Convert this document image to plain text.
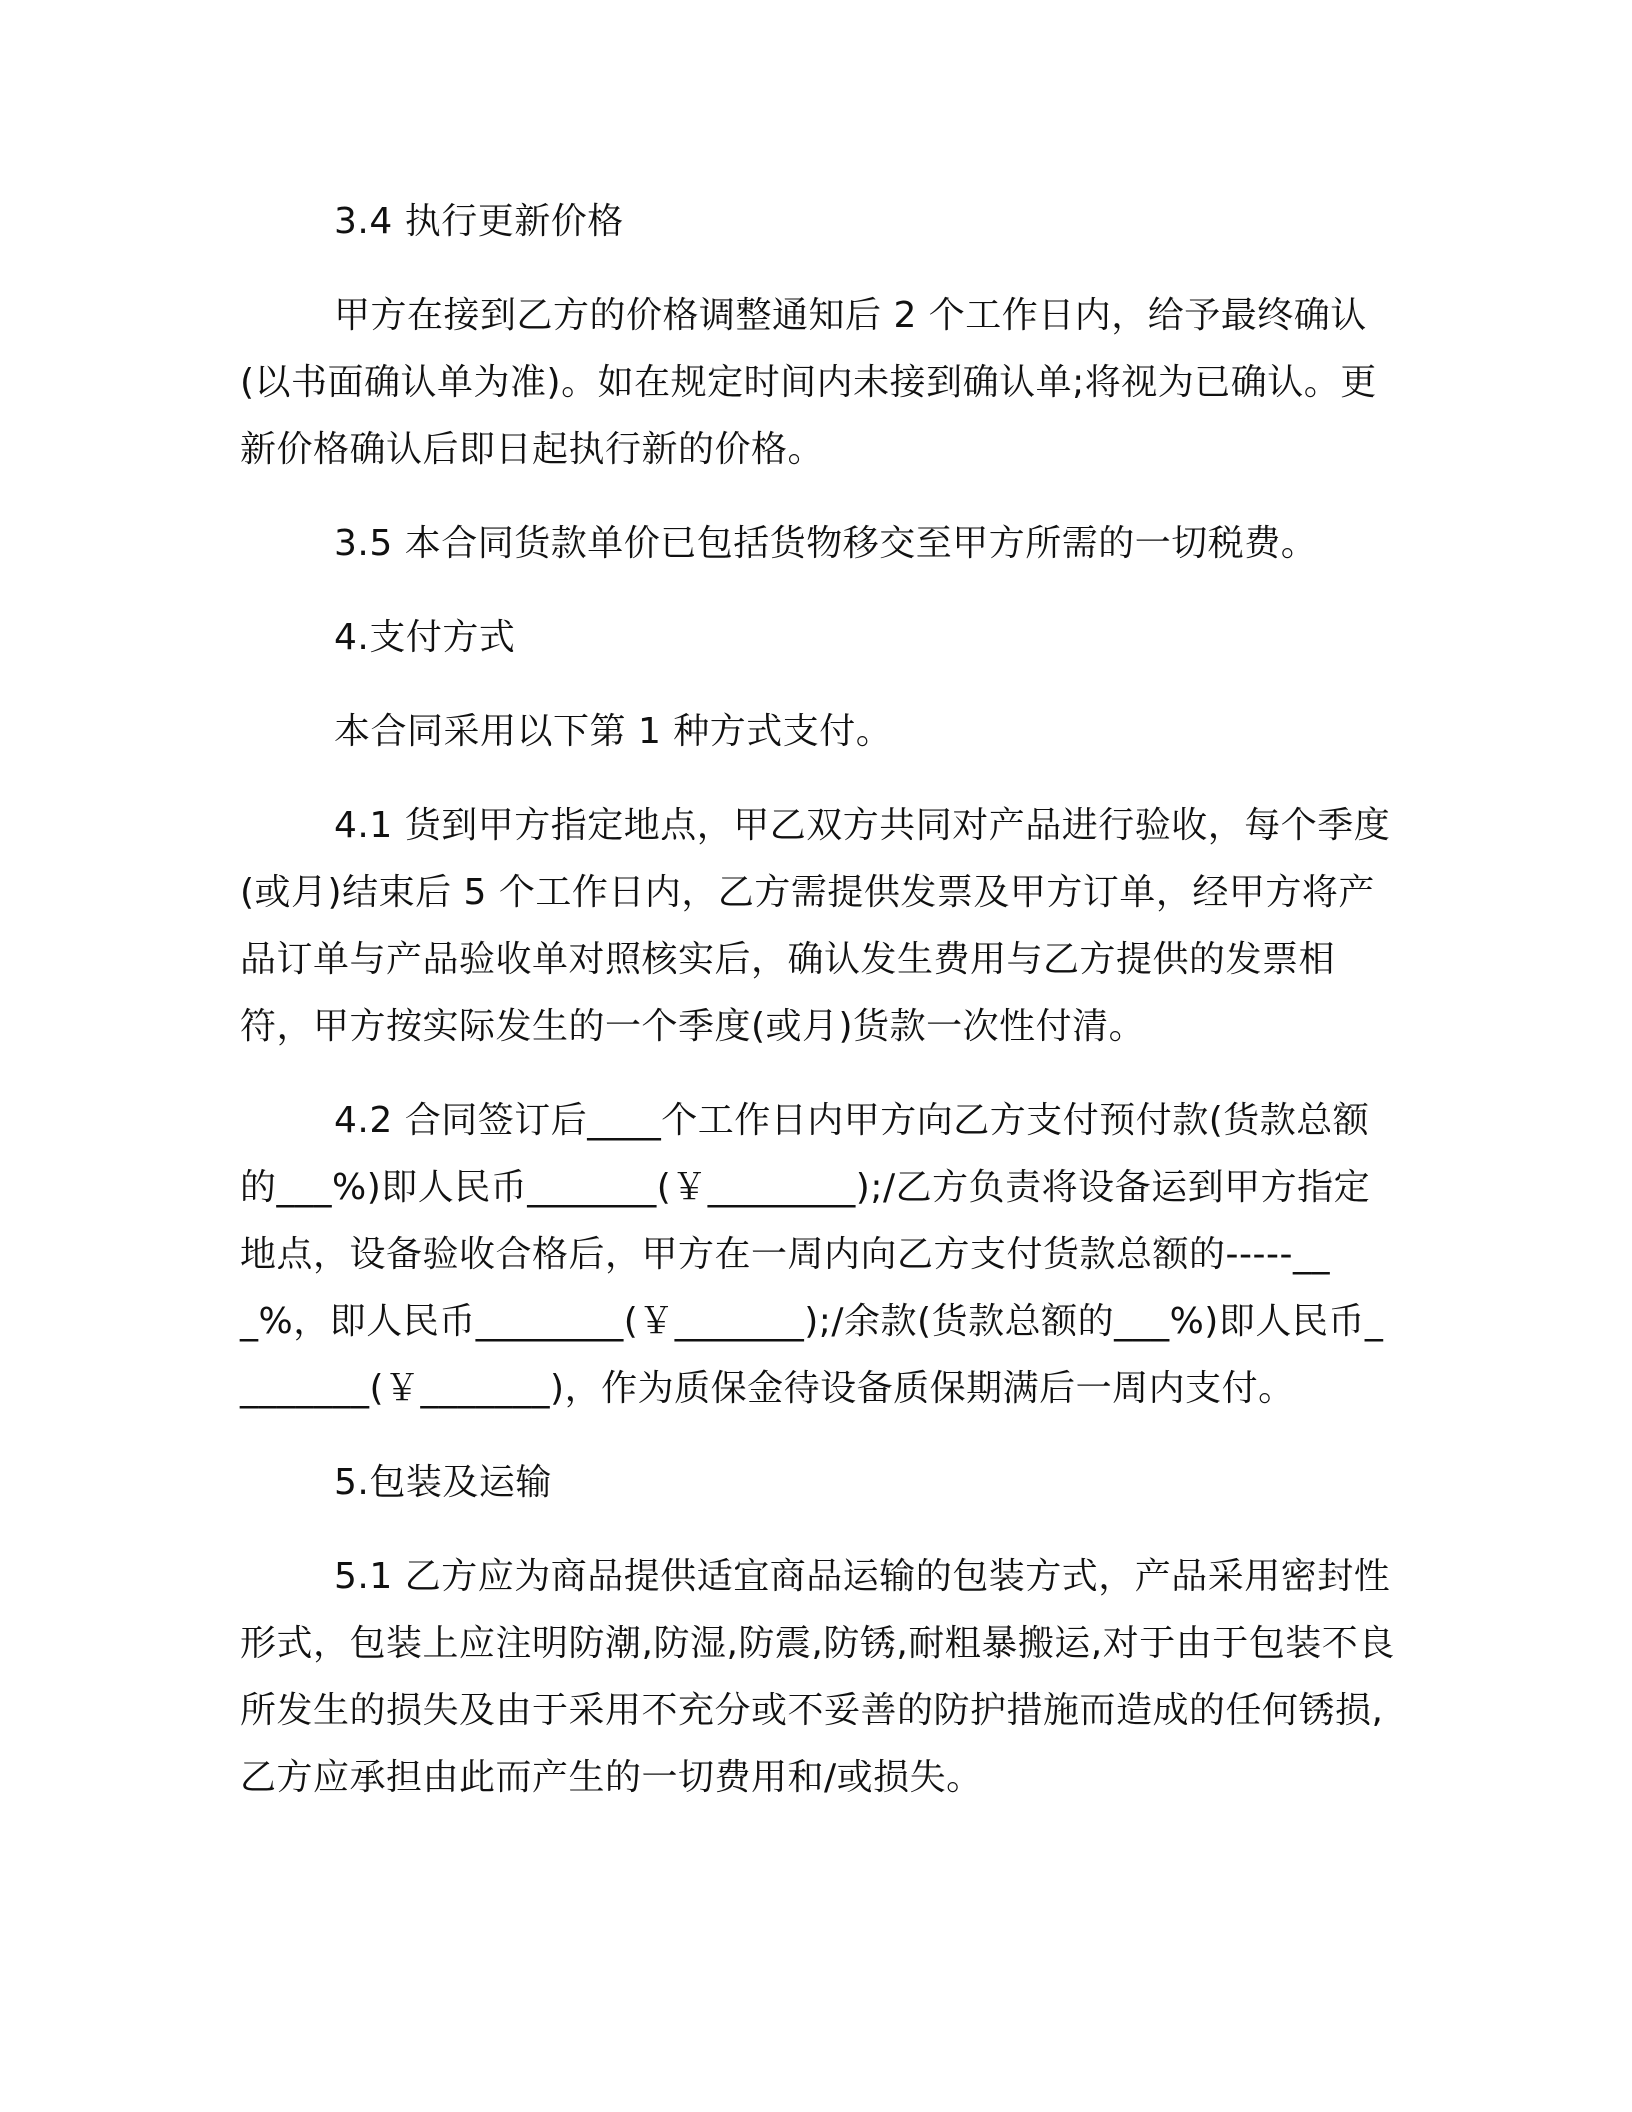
3.4 执行更新价格

甲方在接到乙方的价格调整通知后 2 个工作日内，给予最终确认(以书面确认单为准)。如在规定时间内未接到确认单;将视为已确认。更新价格确认后即日起执行新的价格。

3.5 本合同货款单价已包括货物移交至甲方所需的一切税费。

4.支付方式

本合同采用以下第 1 种方式支付。

4.1 货到甲方指定地点，甲乙双方共同对产品进行验收，每个季度(或月)结束后 5 个工作日内，乙方需提供发票及甲方订单，经甲方将产品订单与产品验收单对照核实后，确认发生费用与乙方提供的发票相符，甲方按实际发生的一个季度(或月)货款一次性付清。

4.2 合同签订后____个工作日内甲方向乙方支付预付款(货款总额的___%)即人民币_______(￥________);/乙方负责将设备运到甲方指定地点，设备验收合格后，甲方在一周内向乙方支付货款总额的-----___%，即人民币________(￥_______);/余款(货款总额的___%)即人民币________(￥_______)，作为质保金待设备质保期满后一周内支付。

5.包装及运输

5.1 乙方应为商品提供适宜商品运输的包装方式，产品采用密封性形式，包装上应注明防潮,防湿,防震,防锈,耐粗暴搬运,对于由于包装不良所发生的损失及由于采用不充分或不妥善的防护措施而造成的任何锈损,乙方应承担由此而产生的一切费用和/或损失。
